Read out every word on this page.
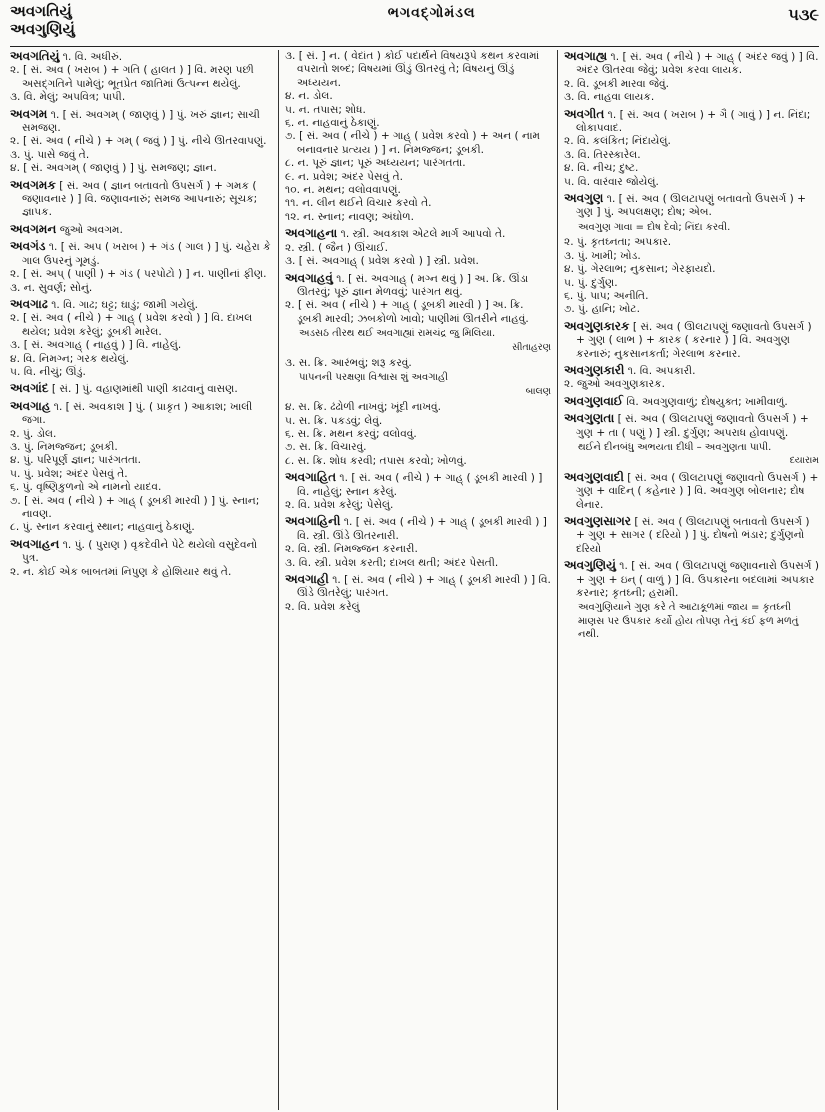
અવગતિયું
અવગુણિયું
ભગવદ્ગોમંડલ	૫૩૯

અવગતિયું ૧. વિ. અધીરું.

૨. [ સં. અવ ( ખરાબ ) + ગતિ ( હાલત ) ] વિ. મરણ પછી અસદ્ગતિને પામેલું; ભૂતપ્રેત જાતિમાં ઉત્પન્ન થયેલું.

૩. વિ. મેલું; અપવિત્ર; પાપી.

અવગમ ૧. [ સં. અવગમ્ ( જાણવું ) ] પું. ખરું જ્ઞાન; સાચી સમજણ.

૨. [ સં. અવ ( નીચે ) + ગમ્ ( જવું ) ] પું. નીચે ઊતરવાપણું.

૩. પું. પાસે જવું તે.

૪. [ સં. અવગમ્ ( જાણવું ) ] પું. સમજણ; જ્ઞાન.

અવગમક [ સં. અવ ( જ્ઞાન બતાવતો ઉપસર્ગ ) + ગમક ( જણાવનાર ) ] વિ. જણાવનારું; સમજ આપનારું; સૂચક; જ્ઞાપક.

અવગમન જુઓ અવગમ.

અવગંડ ૧. [ સં. અપ ( ખરાબ ) + ગંડ ( ગાલ ) ] પું. ચહેરા કે ગાલ ઉપરનું ગૂમડું.

૨. [ સં. અપ્ ( પાણી ) + ગંડ ( પરપોટો ) ] ન. પાણીનાં ફીણ.

૩. ન. સુવર્ણ; સોનું.

અવગાઢ ૧. વિ. ગાઢ; ઘટ્ટ; ઘાડું; જામી ગયેલું.

૨. [ સં. અવ ( નીચે ) + ગાહ્ ( પ્રવેશ કરવો ) ] વિ. દાખલ થયેલ; પ્રવેશ કરેલું; ડૂબકી મારેલ.

૩. [ સં. અવગાહ્ ( નાહવું ) ] વિ. નાહેલું.

૪. વિ. નિમગ્ન; ગરક થયેલું.

૫. વિ. નીચું; ઊંડું.

અવગાંદ [ સં. ] પું. વહાણમાંથી પાણી કાઢવાનું વાસણ.

અવગાહ ૧. [ સં. અવકાશ ] પું. ( પ્રાકૃત ) આકાશ; ખાલી જગા.

૨. પું. ડોલ.

૩. પું. નિમજ્જન; ડૂબકી.

૪. પું. પરિપૂર્ણ જ્ઞાન; પારંગતતા.

૫. પું. પ્રવેશ; અંદર પેસવું તે.

૬. પું. વૃષ્ણિકુળનો એ નામનો યાદવ.

૭. [ સં. અવ ( નીચે ) + ગાહ્ ( ડૂબકી મારવી ) ] પું. સ્નાન; નાવણ.

૮. પું. સ્નાન કરવાનું સ્થાન; નાહવાનું ઠેકાણું.

અવગાહન ૧. પું. ( પુરાણ ) વૃકદેવીને પેટે થયેલો વસુદેવનો પુત્ર.

૨. ન. કોઈ એક બાબતમાં નિપુણ કે હોશિયાર થવું તે.

૩. [ સં. ] ન. ( વેદાંત ) કોઈ પદાર્થને વિષયરૂપે કથન કરવામાં વપરાતો શબ્દ; વિષયમાં ઊંડું ઊતરવું તે; વિષયનું ઊંડું અધ્યયન.

૪. ન. ડોલ.

૫. ન. તપાસ; શોધ.

૬. ન. નાહવાનું ઠેકાણું.

૭. [ સં. અવ ( નીચે ) + ગાહ્ ( પ્રવેશ કરવો ) + અન ( નામ બનાવનાર પ્રત્યય ) ] ન. નિમજ્જન; ડૂબકી.

૮. ન. પૂરું જ્ઞાન; પૂરું અધ્યયન; પારંગતતા.

૯. ન. પ્રવેશ; અંદર પેસવું તે.

૧૦. ન. મથન; વલોવવાપણું.

૧૧. ન. લીન થઈને વિચાર કરવો તે.

૧૨. ન. સ્નાન; નાવણ; અંઘોળ.

અવગાહના ૧. સ્ત્રી. અવકાશ એટલે માર્ગ આપવો તે.

૨. સ્ત્રી. ( જૈન ) ઊંચાઈ.

૩. [ સં. અવગાહ્ ( પ્રવેશ કરવો ) ] સ્ત્રી. પ્રવેશ.

અવગાહવું ૧. [ સં. અવગાહ્ ( મગ્ન થવું ) ] અ. ક્રિ. ઊંડા ઊતરવું; પૂરું જ્ઞાન મેળવવું; પારંગત થવું.

૨. [ સં. અવ ( નીચે ) + ગાહ્ ( ડૂબકી મારવી ) ] અ. ક્રિ. ડૂબકી મારવી; ઝબકોળો ખાવો; પાણીમાં ઊતરીને નાહવું.

અડસઠ તીરથ થઈ અવગાહ્યાં રામચંદ્ર જુ મિલિયા.
સીતાહરણ

૩. સ. ક્રિ. આરંભવું; શરૂ કરવું.

પાપનની પરક્ષણા વિશ્વાસ શું અવગાહી
બાલણ

૪. સ. ક્રિ. ઢંઢોળી નાખવું; ખૂંદી નાખવું.

૫. સ. ક્રિ. પકડવું; લેવું.

૬. સ. ક્રિ. મથન કરવું; વલોવવું.

૭. સ. ક્રિ. વિચારવું.

૮. સ. ક્રિ. શોધ કરવી; તપાસ કરવો; ખોળવું.

અવગાહિત ૧. [ સં. અવ ( નીચે ) + ગાહ્ ( ડૂબકી મારવી ) ] વિ. નાહેલું; સ્નાન કરેલું.

૨. વિ. પ્રવેશ કરેલું; પેસેલું.

અવગાહિની ૧. [ સં. અવ ( નીચે ) + ગાહ્ ( ડૂબકી મારવી ) ] વિ. સ્ત્રી. ઊંડે ઊતરનારી.

૨. વિ. સ્ત્રી. નિમજ્જન કરનારી.

૩. વિ. સ્ત્રી. પ્રવેશ કરતી; દાખલ થતી; અંદર પેસતી.

અવગાહી ૧. [ સં. અવ ( નીચે ) + ગાહ્ ( ડૂબકી મારવી ) ] વિ. ઊંડે ઊતરેલું; પારંગત.

૨. વિ. પ્રવેશ કરેલું

અવગાહ્ય ૧. [ સં. અવ ( નીચે ) + ગાહ્ ( અંદર જવું ) ] વિ. અંદર ઊતરવા જેવું; પ્રવેશ કરવા લાયક.

૨. વિ. ડૂબકી મારવા જેવું.

૩. વિ. નાહવા લાયક.

અવગીત ૧. [ સં. અવ ( ખરાબ ) + ગૈ ( ગાવું ) ] ન. નિંદા; લોકાપવાદ.

૨. વિ. કલંકિત; નિંદાયેલું.

૩. વિ. તિરસ્કારેલ.

૪. વિ. નીચ; દુષ્ટ.

૫. વિ. વારંવાર જોયેલું.

અવગુણ ૧. [ સં. અવ ( ઊલટાપણું બતાવતો ઉપસર્ગ ) + ગુણ ] પું. અપલક્ષણ; દોષ; એબ.

અવગુણ ગાવા = દોષ દેવો; નિંદા કરવી.

૨. પું. કૃતઘ્નતા; અપકાર.

૩. પું. ખામી; ખોડ.

૪. પું. ગેરલાભ; નુકસાન; ગેરફાયદો.

૫. પું. દુર્ગુણ.

૬. પું. પાપ; અનીતિ.

૭. પું. હાનિ; ખોટ.

અવગુણકારક [ સં. અવ ( ઊલટાપણું જણાવતો ઉપસર્ગ ) + ગુણ ( લાભ ) + કારક ( કરનાર ) ] વિ. અવગુણ કરનારું; નુકસાનકર્તા; ગેરલાભ કરનાર.

અવગુણકારી ૧. વિ. અપકારી.

૨. જુઓ અવગુણકારક.

અવગુણવાઈ વિ. અવગુણવાળું; દોષયુક્ત; ખામીવાળું.

અવગુણતા [ સં. અવ ( ઊલટાપણું જણાવતો ઉપસર્ગ ) + ગુણ + તા ( પણું ) ] સ્ત્રી. દુર્ગુણ; અપરાધ હોવાપણું.

થઈને દીનબંધુ અભયતા દીધી – અવગુણતા પાપી.
દયારામ

અવગુણવાદી [ સં. અવ ( ઊલટાપણું જણાવતો ઉપસર્ગ ) + ગુણ + વાદિન્ ( કહેનાર ) ] વિ. અવગુણ બોલનાર; દોષ લેનાર.

અવગુણસાગર [ સં. અવ ( ઊલટાપણું બતાવતો ઉપસર્ગ ) + ગુણ + સાગર ( દરિયો ) ] પું. દોષનો ભંડાર; દુર્ગુણનો દરિયો

અવગુણિયું ૧. [ સં. અવ ( ઊલટાપણું જણાવનારો ઉપસર્ગ ) + ગુણ + ઇન્ ( વાળું ) ] વિ. ઉપકારના બદલામાં અપકાર કરનાર; કૃતઘ્ની; હરામી.

અવગુણિયાને ગુણ કરે તે આટાકૂળમાં જાય = કૃતઘ્ની માણસ પર ઉપકાર કર્યો હોય તોપણ તેનું કંઈ ફળ મળતું નથી.
